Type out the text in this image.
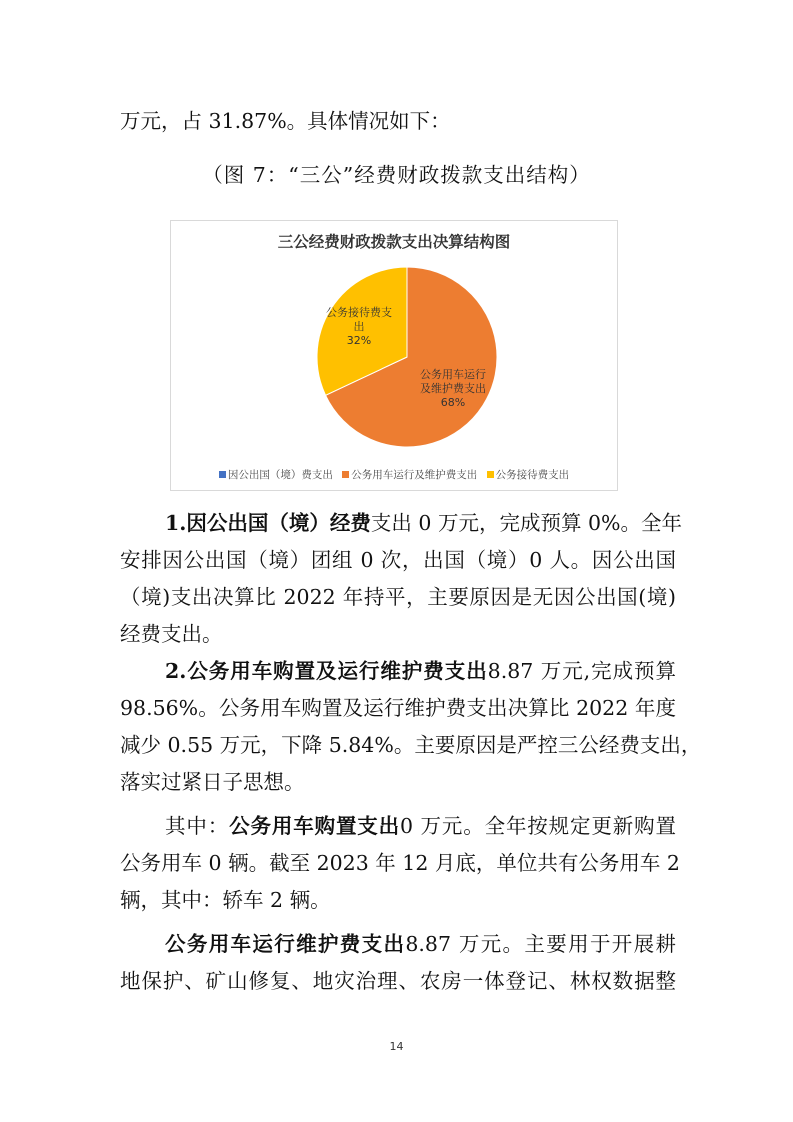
万元，占 31.87%。具体情况如下：
（图 7：“三公”经费财政拨款支出结构）
三公经费财政拨款支出决算结构图
公务用车运行
及维护费支出
68%
公务接待费支
出
32%
因公出国（境）费支出
公务用车运行及维护费支出
公务接待费支出
1.因公出国（境）经费支出 0 万元，完成预算 0%。全年
安排因公出国（境）团组 0 次，出国（境）0 人。因公出国
（境)支出决算比 2022 年持平，主要原因是无因公出国(境)
经费支出。
2.公务用车购置及运行维护费支出8.87 万元,完成预算
98.56%。公务用车购置及运行维护费支出决算比 2022 年度
减少 0.55 万元，下降 5.84%。主要原因是严控三公经费支出，
落实过紧日子思想。
其中：公务用车购置支出0 万元。全年按规定更新购置
公务用车 0 辆。截至 2023 年 12 月底，单位共有公务用车 2
辆，其中：轿车 2 辆。
公务用车运行维护费支出8.87 万元。主要用于开展耕
地保护、矿山修复、地灾治理、农房一体登记、林权数据整
14
